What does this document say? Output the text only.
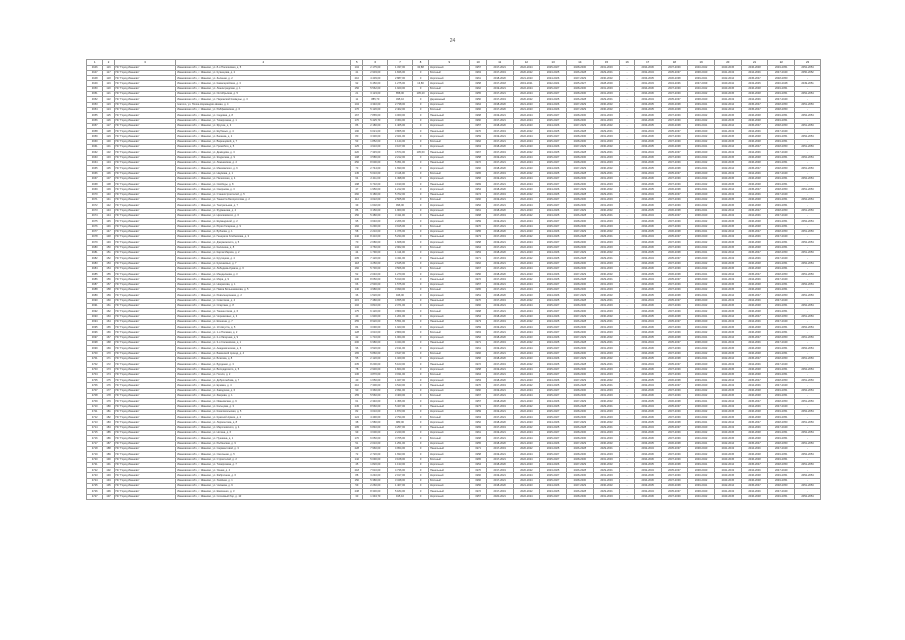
24
1	2	3	4	5	6	7	8	9	10	11	12	13	14	15	16	17	18	19	20	21	22	23
4646	116	ПК "Город Иваново"	Ивановская обл., г. Иваново, ул. 8-я Поселковая, д. 5	104	2 175,00	1 337,00	30,88	Кирпичный	1957	2017-2021	2022-2024	2025-2027	2028-2030	2031-2033	-	2034-2036	2037-2039	2040-2042	2043-2045	2046-2048	2049-2051	2052-2054
4647	117	ПК "Город Иваново"	Ивановская обл., г. Иваново, ул. Кузнецова, д. 2	41	2 903,00	1 846,00	0	Блочный	1963	2017-2019	2020-2022	2023-2025	2026-2028	2029-2031	-	2032-2034	2035-2037	2038-2040	2041-2043	2044-2046	2047-2049	2050-2052
4648	118	ПК "Город Иваново"	Ивановская обл., г. Иваново, ул. Зеленая, д. 2	210	4 439,00	2 887,00	0	Кирпичный	1961	2018-2020	2021-2023	2024-2026	2027-2029	2030-2032	-	2033-2035	2036-2038	2039-2041	2042-2044	2045-2047	2048-2050	-
4649	119	ПК "Город Иваново"	Ивановская обл., г. Иваново, ул. Кавалерийская, д. 3	92	6 450,00	1 275,00	13,80	Кирпичный	1958	2017-2018	2019-2021	2022-2024	2025-2027	2028-2030	-	2031-2033	2034-2036	2037-2039	2040-2042	2043-2045	2046-2048	2049-2051
4650	120	ПК "Город Иваново"	Ивановская обл., г. Иваново, ул. Ленинградская, д. 1	156	5 562,00	1 920,00	0	Блочный	1962	2019-2021	2022-2024	2025-2027	2028-2030	2031-2033	-	2034-2036	2037-2039	2040-2042	2043-2045	2046-2048	2049-2051	-
4651	121	ПК "Город Иваново"	Ивановская обл., г. Иваново, ул. Октябрьская, д. 5	21	3 123,00	858,00	105,20	Кирпичный	1955	2017-2021	2022-2024	2025-2027	2028-2030	2031-2033	-	2034-2036	2037-2039	2040-2042	2043-2045	2046-2048	2049-2051	2052-2054
4652	122	ПК "Город Иваново"	Ивановская обл., г. Иваново, ул. Парижской Коммуны, д. 3	11	885,70	495,10	0	Деревянный	1950	2017-2019	2020-2022	2023-2025	2026-2028	2029-2031	-	2032-2034	2035-2037	2038-2040	2041-2043	2044-2046	2047-2049	-
4653	123	ПК "Город Иваново"	Ivanovo, ул. Полка Нормандия-Неман, д. 4	104	4 340,00	2 738,00	0	Кирпичный	1964	2018-2020	2021-2023	2024-2026	2027-2029	2030-2032	-	2033-2035	2036-2038	2039-2041	2042-2044	2045-2047	2048-2050	2051-2053
4654	124	ПК "Город Иваново"	Ивановская обл., г. Иваново, ул. Рабфаковская, д. 6	176	5 126,00	2 402,00	0	Блочный	1966	2017-2020	2021-2023	2024-2026	2027-2029	2030-2032	-	2033-2035	2036-2038	2039-2041	2042-2044	2045-2047	2048-2050	-
4655	125	ПК "Город Иваново"	Ивановская обл., г. Иваново, ул. Садовая, д. 8	167	7 865,00	4 060,00	0	Панельный	1968	2019-2021	2022-2024	2025-2027	2028-2030	2031-2033	-	2034-2036	2037-2039	2040-2042	2043-2045	2046-2048	2049-2051	2052-2054
4656	126	ПК "Город Иваново"	Ивановская обл., г. Иваново, ул. Тимирязева, д. 1	170	5 425,70	3 364,00	0	Кирпичный	1960	2017-2021	2022-2024	2025-2027	2028-2030	2031-2033	-	2034-2036	2037-2039	2040-2042	2043-2045	2046-2048	2049-2051	-
4657	127	ПК "Город Иваново"	Ивановская обл., г. Иваново, ул. Фрунзе, д. 3	86	2 180,00	1 405,00	0	Кирпичный	1957	2018-2020	2021-2023	2024-2026	2027-2029	2030-2032	-	2033-2035	2036-2038	2039-2041	2042-2044	2045-2047	2048-2050	2051-2053
4658	128	ПК "Город Иваново"	Ивановская обл., г. Иваново, ул. Шубиных, д. 4	190	6 021,00	3 805,00	0	Панельный	1970	2017-2019	2020-2022	2023-2025	2026-2028	2029-2031	-	2032-2034	2035-2037	2038-2040	2041-2043	2044-2046	2047-2049	-
4659	129	ПК "Город Иваново"	Ивановская обл., г. Иваново, ул. Багаева, д. 2	80	3 330,00	2 021,00	0	Кирпичный	1959	2019-2021	2022-2024	2025-2027	2028-2030	2031-2033	-	2034-2036	2037-2039	2040-2042	2043-2045	2046-2048	2049-2051	2052-2054
4660	130	ПК "Город Иваново"	Ивановская обл., г. Иваново, ул. Варенцовой, д. 7	53	1 852,00	1 144,00	0	Блочный	1962	2017-2021	2022-2024	2025-2027	2028-2030	2031-2033	-	2034-2036	2037-2039	2040-2042	2043-2045	2046-2048	2049-2051	-
4661	131	ПК "Город Иваново"	Ивановская обл., г. Иваново, ул. Громобоя, д. 5	125	4 910,00	3 107,00	0	Кирпичный	1963	2018-2020	2021-2023	2024-2026	2027-2029	2030-2032	-	2033-2035	2036-2038	2039-2041	2042-2044	2045-2047	2048-2050	2051-2053
4662	132	ПК "Город Иваново"	Ивановская обл., г. Иваново, ул. Демидова, д. 3	220	7 345,00	4 574,00	105,60	Панельный	1967	2017-2019	2020-2022	2023-2025	2026-2028	2029-2031	-	2032-2034	2035-2037	2038-2040	2041-2043	2044-2046	2047-2049	-
4663	133	ПК "Город Иваново"	Ивановская обл., г. Иваново, ул. Жиделева, д. 9	108	3 586,00	2 212,00	0	Кирпичный	1958	2019-2021	2022-2024	2025-2027	2028-2030	2031-2033	-	2034-2036	2037-2039	2040-2042	2043-2045	2046-2048	2049-2051	2052-2054
4664	134	ПК "Город Иваново"	Ивановская обл., г. Иваново, ул. Лежневская, д. 2	250	8 600,00	5 351,00	0	Панельный	1972	2017-2021	2022-2024	2025-2027	2028-2030	2031-2033	-	2034-2036	2037-2039	2040-2042	2043-2045	2046-2048	2049-2051	-
4665	135	ПК "Город Иваново"	Ивановская обл., г. Иваново, ул. Маяковского, д. 6	73	2 744,00	1 690,00	0	Кирпичный	1960	2018-2020	2021-2023	2024-2026	2027-2029	2030-2032	-	2033-2035	2036-2038	2039-2041	2042-2044	2045-2047	2048-2050	2051-2053
4666	136	ПК "Город Иваново"	Ивановская обл., г. Иваново, ул. Наумова, д. 1	145	5 010,00	3 116,00	0	Блочный	1965	2017-2019	2020-2022	2023-2025	2026-2028	2029-2031	-	2032-2034	2035-2037	2038-2040	2041-2043	2044-2046	2047-2049	-
4667	137	ПК "Город Иваново"	Ивановская обл., г. Иваново, ул. Палехская, д. 4	64	2 411,00	1 498,00	0	Кирпичный	1956	2019-2021	2022-2024	2025-2027	2028-2030	2031-2033	-	2034-2036	2037-2039	2040-2042	2043-2045	2046-2048	2049-2051	2052-2054
4668	138	ПК "Город Иваново"	Ивановская обл., г. Иваново, ул. Свободы, д. 8	198	6 732,00	4 190,00	0	Панельный	1969	2017-2021	2022-2024	2025-2027	2028-2030	2031-2033	-	2034-2036	2037-2039	2040-2042	2043-2045	2046-2048	2049-2051	-
4669	139	ПК "Город Иваново"	Ивановская обл., г. Иваново, ул. Смирнова, д. 3	47	1 950,00	1 212,00	0	Кирпичный	1954	2018-2020	2021-2023	2024-2026	2027-2029	2030-2032	-	2033-2035	2036-2038	2039-2041	2042-2044	2045-2047	2048-2050	2051-2053
4670	140	ПК "Город Иваново"	Ивановская обл., г. Иваново, ул. Станкостроителей, д. 5	260	9 180,00	5 702,00	0	Панельный	1974	2017-2019	2020-2022	2023-2025	2026-2028	2029-2031	-	2032-2034	2035-2037	2038-2040	2041-2043	2044-2046	2047-2049	-
4671	141	ПК "Город Иваново"	Ивановская обл., г. Иваново, ул. Танкиста Белороссова, д. 2	112	4 022,00	2 505,00	0	Блочный	1966	2019-2021	2022-2024	2025-2027	2028-2030	2031-2033	-	2034-2036	2037-2039	2040-2042	2043-2045	2046-2048	2049-2051	2052-2054
4672	142	ПК "Город Иваново"	Ивановская обл., г. Иваново, ул. Театральная, д. 7	39	1 602,00	996,00	0	Кирпичный	1952	2017-2021	2022-2024	2025-2027	2028-2030	2031-2033	-	2034-2036	2037-2039	2040-2042	2043-2045	2046-2048	2049-2051	-
4673	143	ПК "Город Иваново"	Ивановская обл., г. Иваново, ул. Фурманова, д. 4	86	3 150,00	1 960,00	0	Кирпичный	1961	2018-2020	2021-2023	2024-2026	2027-2029	2030-2032	-	2033-2035	2036-2038	2039-2041	2042-2044	2045-2047	2048-2050	2051-2053
4674	144	ПК "Город Иваново"	Ивановская обл., г. Иваново, ул. Циолковского, д. 6	150	5 480,00	3 411,00	0	Панельный	1968	2017-2019	2020-2022	2023-2025	2026-2028	2029-2031	-	2032-2034	2035-2037	2038-2040	2041-2043	2044-2046	2047-2049	-
4675	145	ПК "Город Иваново"	Ивановская обл., г. Иваново, ул. Шувандиной, д. 2	95	3 640,00	2 266,00	0	Кирпичный	1959	2019-2021	2022-2024	2025-2027	2028-2030	2031-2033	-	2034-2036	2037-2039	2040-2042	2043-2045	2046-2048	2049-2051	2052-2054
4676	146	ПК "Город Иваново"	Ивановская обл., г. Иваново, ул. Юрия Гагарина, д. 9	182	6 290,00	3 915,00	0	Блочный	1970	2017-2021	2022-2024	2025-2027	2028-2030	2031-2033	-	2034-2036	2037-2039	2040-2042	2043-2045	2046-2048	2049-2051	-
4677	147	ПК "Город Иваново"	Ивановская обл., г. Иваново, ул. Бубнова, д. 1	58	2 210,00	1 376,00	0	Кирпичный	1955	2018-2020	2021-2023	2024-2026	2027-2029	2030-2032	-	2033-2035	2036-2038	2039-2041	2042-2044	2045-2047	2048-2050	2051-2053
4678	148	ПК "Город Иваново"	Ивановская обл., г. Иваново, ул. Генерала Хлебникова, д. 3	240	8 410,00	5 234,00	0	Панельный	1973	2017-2019	2020-2022	2023-2025	2026-2028	2029-2031	-	2032-2034	2035-2037	2038-2040	2041-2043	2044-2046	2047-2049	-
4679	149	ПК "Город Иваново"	Ивановская обл., г. Иваново, ул. Дзержинского, д. 5	70	2 680,00	1 668,00	0	Кирпичный	1958	2019-2021	2022-2024	2025-2027	2028-2030	2031-2033	-	2034-2036	2037-2039	2040-2042	2043-2045	2046-2048	2049-2051	2052-2054
4680	150	ПК "Город Иваново"	Ивановская обл., г. Иваново, ул. Калинина, д. 8	132	4 760,00	2 962,00	0	Блочный	1964	2017-2021	2022-2024	2025-2027	2028-2030	2031-2033	-	2034-2036	2037-2039	2040-2042	2043-2045	2046-2048	2049-2051	-
4681	151	ПК "Город Иваново"	Ивановская обл., г. Иваново, ул. Карла Маркса, д. 2	44	1 790,00	1 114,00	0	Кирпичный	1953	2018-2020	2021-2023	2024-2026	2027-2029	2030-2032	-	2033-2035	2036-2038	2039-2041	2042-2044	2045-2047	2048-2050	2051-2053
4682	152	ПК "Город Иваново"	Ивановская обл., г. Иваново, ул. Крутицкая, д. 4	205	7 120,00	4 431,00	0	Панельный	1971	2017-2019	2020-2022	2023-2025	2026-2028	2029-2031	-	2032-2034	2035-2037	2038-2040	2041-2043	2044-2046	2047-2049	-
4683	153	ПК "Город Иваново"	Ивановская обл., г. Иваново, ул. Куконковых, д. 7	118	4 250,00	2 645,00	0	Кирпичный	1962	2019-2021	2022-2024	2025-2027	2028-2030	2031-2033	-	2034-2036	2037-2039	2040-2042	2043-2045	2046-2048	2049-2051	2052-2054
4684	154	ПК "Город Иваново"	Ивановская обл., г. Иваново, ул. Лебедева-Кумача, д. 6	160	5 730,00	3 566,00	0	Блочный	1967	2017-2021	2022-2024	2025-2027	2028-2030	2031-2033	-	2034-2036	2037-2039	2040-2042	2043-2045	2046-2048	2049-2051	-
4685	155	ПК "Город Иваново"	Ивановская обл., г. Иваново, ул. Менделеева, д. 3	52	2 040,00	1 270,00	0	Кирпичный	1956	2018-2020	2021-2023	2024-2026	2027-2029	2030-2032	-	2033-2035	2036-2038	2039-2041	2042-2044	2045-2047	2048-2050	2051-2053
4686	156	ПК "Город Иваново"	Ивановская обл., г. Иваново, ул. Мира, д. 9	230	8 050,00	5 010,00	0	Панельный	1972	2017-2019	2020-2022	2023-2025	2026-2028	2029-2031	-	2032-2034	2035-2037	2038-2040	2041-2043	2044-2046	2047-2049	-
4687	157	ПК "Город Иваново"	Ивановская обл., г. Иваново, ул. Некрасова, д. 1	66	2 530,00	1 575,00	0	Кирпичный	1957	2019-2021	2022-2024	2025-2027	2028-2030	2031-2033	-	2034-2036	2037-2039	2040-2042	2043-2045	2046-2048	2049-2051	2052-2054
4688	158	ПК "Город Иваново"	Ивановская обл., г. Иваново, ул. Павла Большевикова, д. 5	140	4 980,00	3 099,00	0	Блочный	1965	2017-2021	2022-2024	2025-2027	2028-2030	2031-2033	-	2034-2036	2037-2039	2040-2042	2043-2045	2046-2048	2049-2051	-
4689	159	ПК "Город Иваново"	Ивановская обл., г. Иваново, ул. Революционная, д. 2	36	1 520,00	946,00	0	Кирпичный	1951	2018-2020	2021-2023	2024-2026	2027-2029	2030-2032	-	2033-2035	2036-2038	2039-2041	2042-2044	2045-2047	2048-2050	2051-2053
4690	160	ПК "Город Иваново"	Ивановская обл., г. Иваново, ул. Советская, д. 4	215	7 480,00	4 655,00	0	Панельный	1970	2017-2019	2020-2022	2023-2025	2026-2028	2029-2031	-	2032-2034	2035-2037	2038-2040	2041-2043	2044-2046	2047-2049	-
4691	161	ПК "Город Иваново"	Ивановская обл., г. Иваново, ул. Спартака, д. 8	102	3 810,00	2 371,00	0	Кирпичный	1960	2019-2021	2022-2024	2025-2027	2028-2030	2031-2033	-	2034-2036	2037-2039	2040-2042	2043-2045	2046-2048	2049-2051	2052-2054
4692	162	ПК "Город Иваново"	Ивановская обл., г. Иваново, ул. Ташкентская, д. 6	175	6 120,00	3 809,00	0	Блочный	1968	2017-2021	2022-2024	2025-2027	2028-2030	2031-2033	-	2034-2036	2037-2039	2040-2042	2043-2045	2046-2048	2049-2051	-
4693	163	ПК "Город Иваново"	Ивановская обл., г. Иваново, ул. Черниковых, д. 3	49	1 930,00	1 201,00	0	Кирпичный	1954	2018-2020	2021-2023	2024-2026	2027-2029	2030-2032	-	2033-2035	2036-2038	2039-2041	2042-2044	2045-2047	2048-2050	2051-2053
4694	164	ПК "Город Иваново"	Ивановская обл., г. Иваново, ул. Шошина, д. 7	255	8 920,00	5 551,00	0	Панельный	1973	2017-2019	2020-2022	2023-2025	2026-2028	2029-2031	-	2032-2034	2035-2037	2038-2040	2041-2043	2044-2046	2047-2049	-
4695	165	ПК "Город Иваново"	Ивановская обл., г. Иваново, ул. 10 Августа, д. 5	84	3 090,00	1 923,00	0	Кирпичный	1959	2019-2021	2022-2024	2025-2027	2028-2030	2031-2033	-	2034-2036	2037-2039	2040-2042	2043-2045	2046-2048	2049-2051	2052-2054
4696	166	ПК "Город Иваново"	Ивановская обл., г. Иваново, ул. 1-я Полевая, д. 2	128	4 610,00	2 869,00	0	Блочный	1963	2017-2021	2022-2024	2025-2027	2028-2030	2031-2033	-	2034-2036	2037-2039	2040-2042	2043-2045	2046-2048	2049-2051	-
4697	167	ПК "Город Иваново"	Ивановская обл., г. Иваново, ул. 2-я Лагерная, д. 9	42	1 710,00	1 064,00	0	Кирпичный	1952	2018-2020	2021-2023	2024-2026	2027-2029	2030-2032	-	2033-2035	2036-2038	2039-2041	2042-2044	2045-2047	2048-2050	2051-2053
4698	168	ПК "Город Иваново"	Ивановская обл., г. Иваново, ул. 3-я Сосневская, д. 1	200	6 980,00	4 344,00	0	Панельный	1971	2017-2019	2020-2022	2023-2025	2026-2028	2029-2031	-	2032-2034	2035-2037	2038-2040	2041-2043	2044-2046	2047-2049	-
4699	169	ПК "Город Иваново"	Ивановская обл., г. Иваново, ул. Академическая, д. 6	96	3 520,00	2 191,00	0	Кирпичный	1961	2019-2021	2022-2024	2025-2027	2028-2030	2031-2033	-	2034-2036	2037-2039	2040-2042	2043-2045	2046-2048	2049-2051	2052-2054
4700	170	ПК "Город Иваново"	Ивановская обл., г. Иваново, ул. Бакинский проезд, д. 4	165	5 860,00	3 647,00	0	Блочный	1966	2017-2021	2022-2024	2025-2027	2028-2030	2031-2033	-	2034-2036	2037-2039	2040-2042	2043-2045	2046-2048	2049-2051	-
4701	171	ПК "Город Иваново"	Ивановская обл., г. Иваново, ул. Благова, д. 8	55	2 120,00	1 320,00	0	Кирпичный	1956	2018-2020	2021-2023	2024-2026	2027-2029	2030-2032	-	2033-2035	2036-2038	2039-2041	2042-2044	2045-2047	2048-2050	2051-2053
4702	172	ПК "Город Иваново"	Ивановская обл., г. Иваново, ул. Бурденко, д. 3	235	8 200,00	5 103,00	0	Панельный	1972	2017-2019	2020-2022	2023-2025	2026-2028	2029-2031	-	2032-2034	2035-2037	2038-2040	2041-2043	2044-2046	2047-2049	-
4703	173	ПК "Город Иваново"	Ивановская обл., г. Иваново, ул. Володарского, д. 5	78	2 930,00	1 824,00	0	Кирпичный	1958	2019-2021	2022-2024	2025-2027	2028-2030	2031-2033	-	2034-2036	2037-2039	2040-2042	2043-2045	2046-2048	2049-2051	2052-2054
4704	174	ПК "Город Иваново"	Ивановская обл., г. Иваново, ул. Гоголя, д. 2	136	4 870,00	3 031,00	0	Блочный	1964	2017-2021	2022-2024	2025-2027	2028-2030	2031-2033	-	2034-2036	2037-2039	2040-2042	2043-2045	2046-2048	2049-2051	-
4705	175	ПК "Город Иваново"	Ивановская обл., г. Иваново, ул. Добролюбова, д. 7	40	1 650,00	1 027,00	0	Кирпичный	1953	2018-2020	2021-2023	2024-2026	2027-2029	2030-2032	-	2033-2035	2036-2038	2039-2041	2042-2044	2045-2047	2048-2050	2051-2053
4706	176	ПК "Город Иваново"	Ивановская обл., г. Иваново, ул. Ермака, д. 4	210	7 300,00	4 543,00	0	Панельный	1970	2017-2019	2020-2022	2023-2025	2026-2028	2029-2031	-	2032-2034	2035-2037	2038-2040	2041-2043	2044-2046	2047-2049	-
4707	177	ПК "Город Иваново"	Ивановская обл., г. Иваново, ул. Заводская, д. 6	90	3 360,00	2 091,00	0	Кирпичный	1960	2019-2021	2022-2024	2025-2027	2028-2030	2031-2033	-	2034-2036	2037-2039	2040-2042	2043-2045	2046-2048	2049-2051	2052-2054
4708	178	ПК "Город Иваново"	Ивановская обл., г. Иваново, ул. Зверева, д. 1	155	5 560,00	3 460,00	0	Блочный	1967	2017-2021	2022-2024	2025-2027	2028-2030	2031-2033	-	2034-2036	2037-2039	2040-2042	2043-2045	2046-2048	2049-2051	-
4709	179	ПК "Город Иваново"	Ивановская обл., г. Иваново, ул. Ивановская, д. 9	61	2 340,00	1 456,00	0	Кирпичный	1957	2018-2020	2021-2023	2024-2026	2027-2029	2030-2032	-	2033-2035	2036-2038	2039-2041	2042-2044	2045-2047	2048-2050	2051-2053
4710	180	ПК "Город Иваново"	Ивановская обл., г. Иваново, ул. Кольцова, д. 3	245	8 560,00	5 327,00	0	Панельный	1973	2017-2019	2020-2022	2023-2025	2026-2028	2029-2031	-	2032-2034	2035-2037	2038-2040	2041-2043	2044-2046	2047-2049	-
4711	181	ПК "Город Иваново"	Ивановская обл., г. Иваново, ул. Комсомольская, д. 5	82	3 010,00	1 873,00	0	Кирпичный	1959	2019-2021	2022-2024	2025-2027	2028-2030	2031-2033	-	2034-2036	2037-2039	2040-2042	2043-2045	2046-2048	2049-2051	2052-2054
4712	182	ПК "Город Иваново"	Ивановская обл., г. Иваново, ул. Красной Армии, д. 2	124	4 490,00	2 794,00	0	Блочный	1963	2017-2021	2022-2024	2025-2027	2028-2030	2031-2033	-	2034-2036	2037-2039	2040-2042	2043-2045	2046-2048	2049-2051	-
4713	183	ПК "Город Иваново"	Ивановская обл., г. Иваново, ул. Лермонтова, д. 8	38	1 580,00	983,00	0	Кирпичный	1952	2018-2020	2021-2023	2024-2026	2027-2029	2030-2032	-	2033-2035	2036-2038	2039-2041	2042-2044	2045-2047	2048-2050	2051-2053
4714	184	ПК "Город Иваново"	Ивановская обл., г. Иваново, ул. Мархлевского, д. 4	195	6 840,00	4 257,00	0	Панельный	1969	2017-2019	2020-2022	2023-2025	2026-2028	2029-2031	-	2032-2034	2035-2037	2038-2040	2041-2043	2044-2046	2047-2049	-
4715	185	ПК "Город Иваново"	Ивановская обл., г. Иваново, ул. Ногина, д. 6	99	3 600,00	2 240,00	0	Кирпичный	1961	2019-2021	2022-2024	2025-2027	2028-2030	2031-2033	-	2034-2036	2037-2039	2040-2042	2043-2045	2046-2048	2049-2051	2052-2054
4716	186	ПК "Город Иваново"	Ивановская обл., г. Иваново, ул. Пушкина, д. 1	170	6 050,00	3 765,00	0	Блочный	1968	2017-2021	2022-2024	2025-2027	2028-2030	2031-2033	-	2034-2036	2037-2039	2040-2042	2043-2045	2046-2048	2049-2051	-
4717	187	ПК "Город Иваново"	Ивановская обл., г. Иваново, ул. Рыбинская, д. 9	51	2 010,00	1 251,00	0	Кирпичный	1955	2018-2020	2021-2023	2024-2026	2027-2029	2030-2032	-	2033-2035	2036-2038	2039-2041	2042-2044	2045-2047	2048-2050	2051-2053
4718	188	ПК "Город Иваново"	Ивановская обл., г. Иваново, ул. Сарментовой, д. 3	228	7 960,00	4 954,00	0	Панельный	1971	2017-2019	2020-2022	2023-2025	2026-2028	2029-2031	-	2032-2034	2035-2037	2038-2040	2041-2043	2044-2046	2047-2049	-
4719	189	ПК "Город Иваново"	Ивановская обл., г. Иваново, ул. Смольная, д. 5	72	2 720,00	1 693,00	0	Кирпичный	1958	2019-2021	2022-2024	2025-2027	2028-2030	2031-2033	-	2034-2036	2037-2039	2040-2042	2043-2045	2046-2048	2049-2051	2052-2054
4720	190	ПК "Город Иваново"	Ивановская обл., г. Иваново, ул. Строителей, д. 2	142	5 090,00	3 168,00	0	Блочный	1965	2017-2021	2022-2024	2025-2027	2028-2030	2031-2033	-	2034-2036	2037-2039	2040-2042	2043-2045	2046-2048	2049-2051	-
4721	191	ПК "Город Иваново"	Ивановская обл., г. Иваново, ул. Тимирязева, д. 7	45	1 820,00	1 133,00	0	Кирпичный	1954	2018-2020	2021-2023	2024-2026	2027-2029	2030-2032	-	2033-2035	2036-2038	2039-2041	2042-2044	2045-2047	2048-2050	2051-2053
4722	192	ПК "Город Иваново"	Ивановская обл., г. Иваново, ул. Умная, д. 4	218	7 610,00	4 736,00	0	Панельный	1970	2017-2019	2020-2022	2023-2025	2026-2028	2029-2031	-	2032-2034	2035-2037	2038-2040	2041-2043	2044-2046	2047-2049	-
4723	193	ПК "Город Иваново"	Ивановская обл., г. Иваново, ул. Фабричная, д. 6	88	3 240,00	2 017,00	0	Кирпичный	1960	2019-2021	2022-2024	2025-2027	2028-2030	2031-2033	-	2034-2036	2037-2039	2040-2042	2043-2045	2046-2048	2049-2051	2052-2054
4724	194	ПК "Город Иваново"	Ивановская обл., г. Иваново, ул. Хвойная, д. 1	150	5 380,00	3 348,00	0	Блочный	1966	2017-2021	2022-2024	2025-2027	2028-2030	2031-2033	-	2034-2036	2037-2039	2040-2042	2043-2045	2046-2048	2049-2051	-
4725	195	ПК "Город Иваново"	Ивановская обл., г. Иваново, ул. Чапаева, д. 9	59	2 260,00	1 407,00	0	Кирпичный	1956	2018-2020	2021-2023	2024-2026	2027-2029	2030-2032	-	2033-2035	2036-2038	2039-2041	2042-2044	2045-2047	2048-2050	2051-2053
4726	196	ПК "Город Иваново"	Ивановская обл., г. Иваново, ул. Шевченко, д. 3	238	8 330,00	5 184,00	0	Панельный	1972	2017-2019	2020-2022	2023-2025	2026-2028	2029-2031	-	2032-2034	2035-2037	2038-2040	2041-2043	2044-2046	2047-2049	-
4727	197	ПК "Город Иваново"	Ивановская обл., г. Иваново, ул. Сосновый бор, д. 10	33	1 394,70	915,10	0	Кирпичный	1957	2020-2021	2022-2024	2025-2027	2028-2030	2031-2033	-	2034-2036	2037-2039	2040-2042	2043-2045	2046-2048	2049-2051	2052-2054
